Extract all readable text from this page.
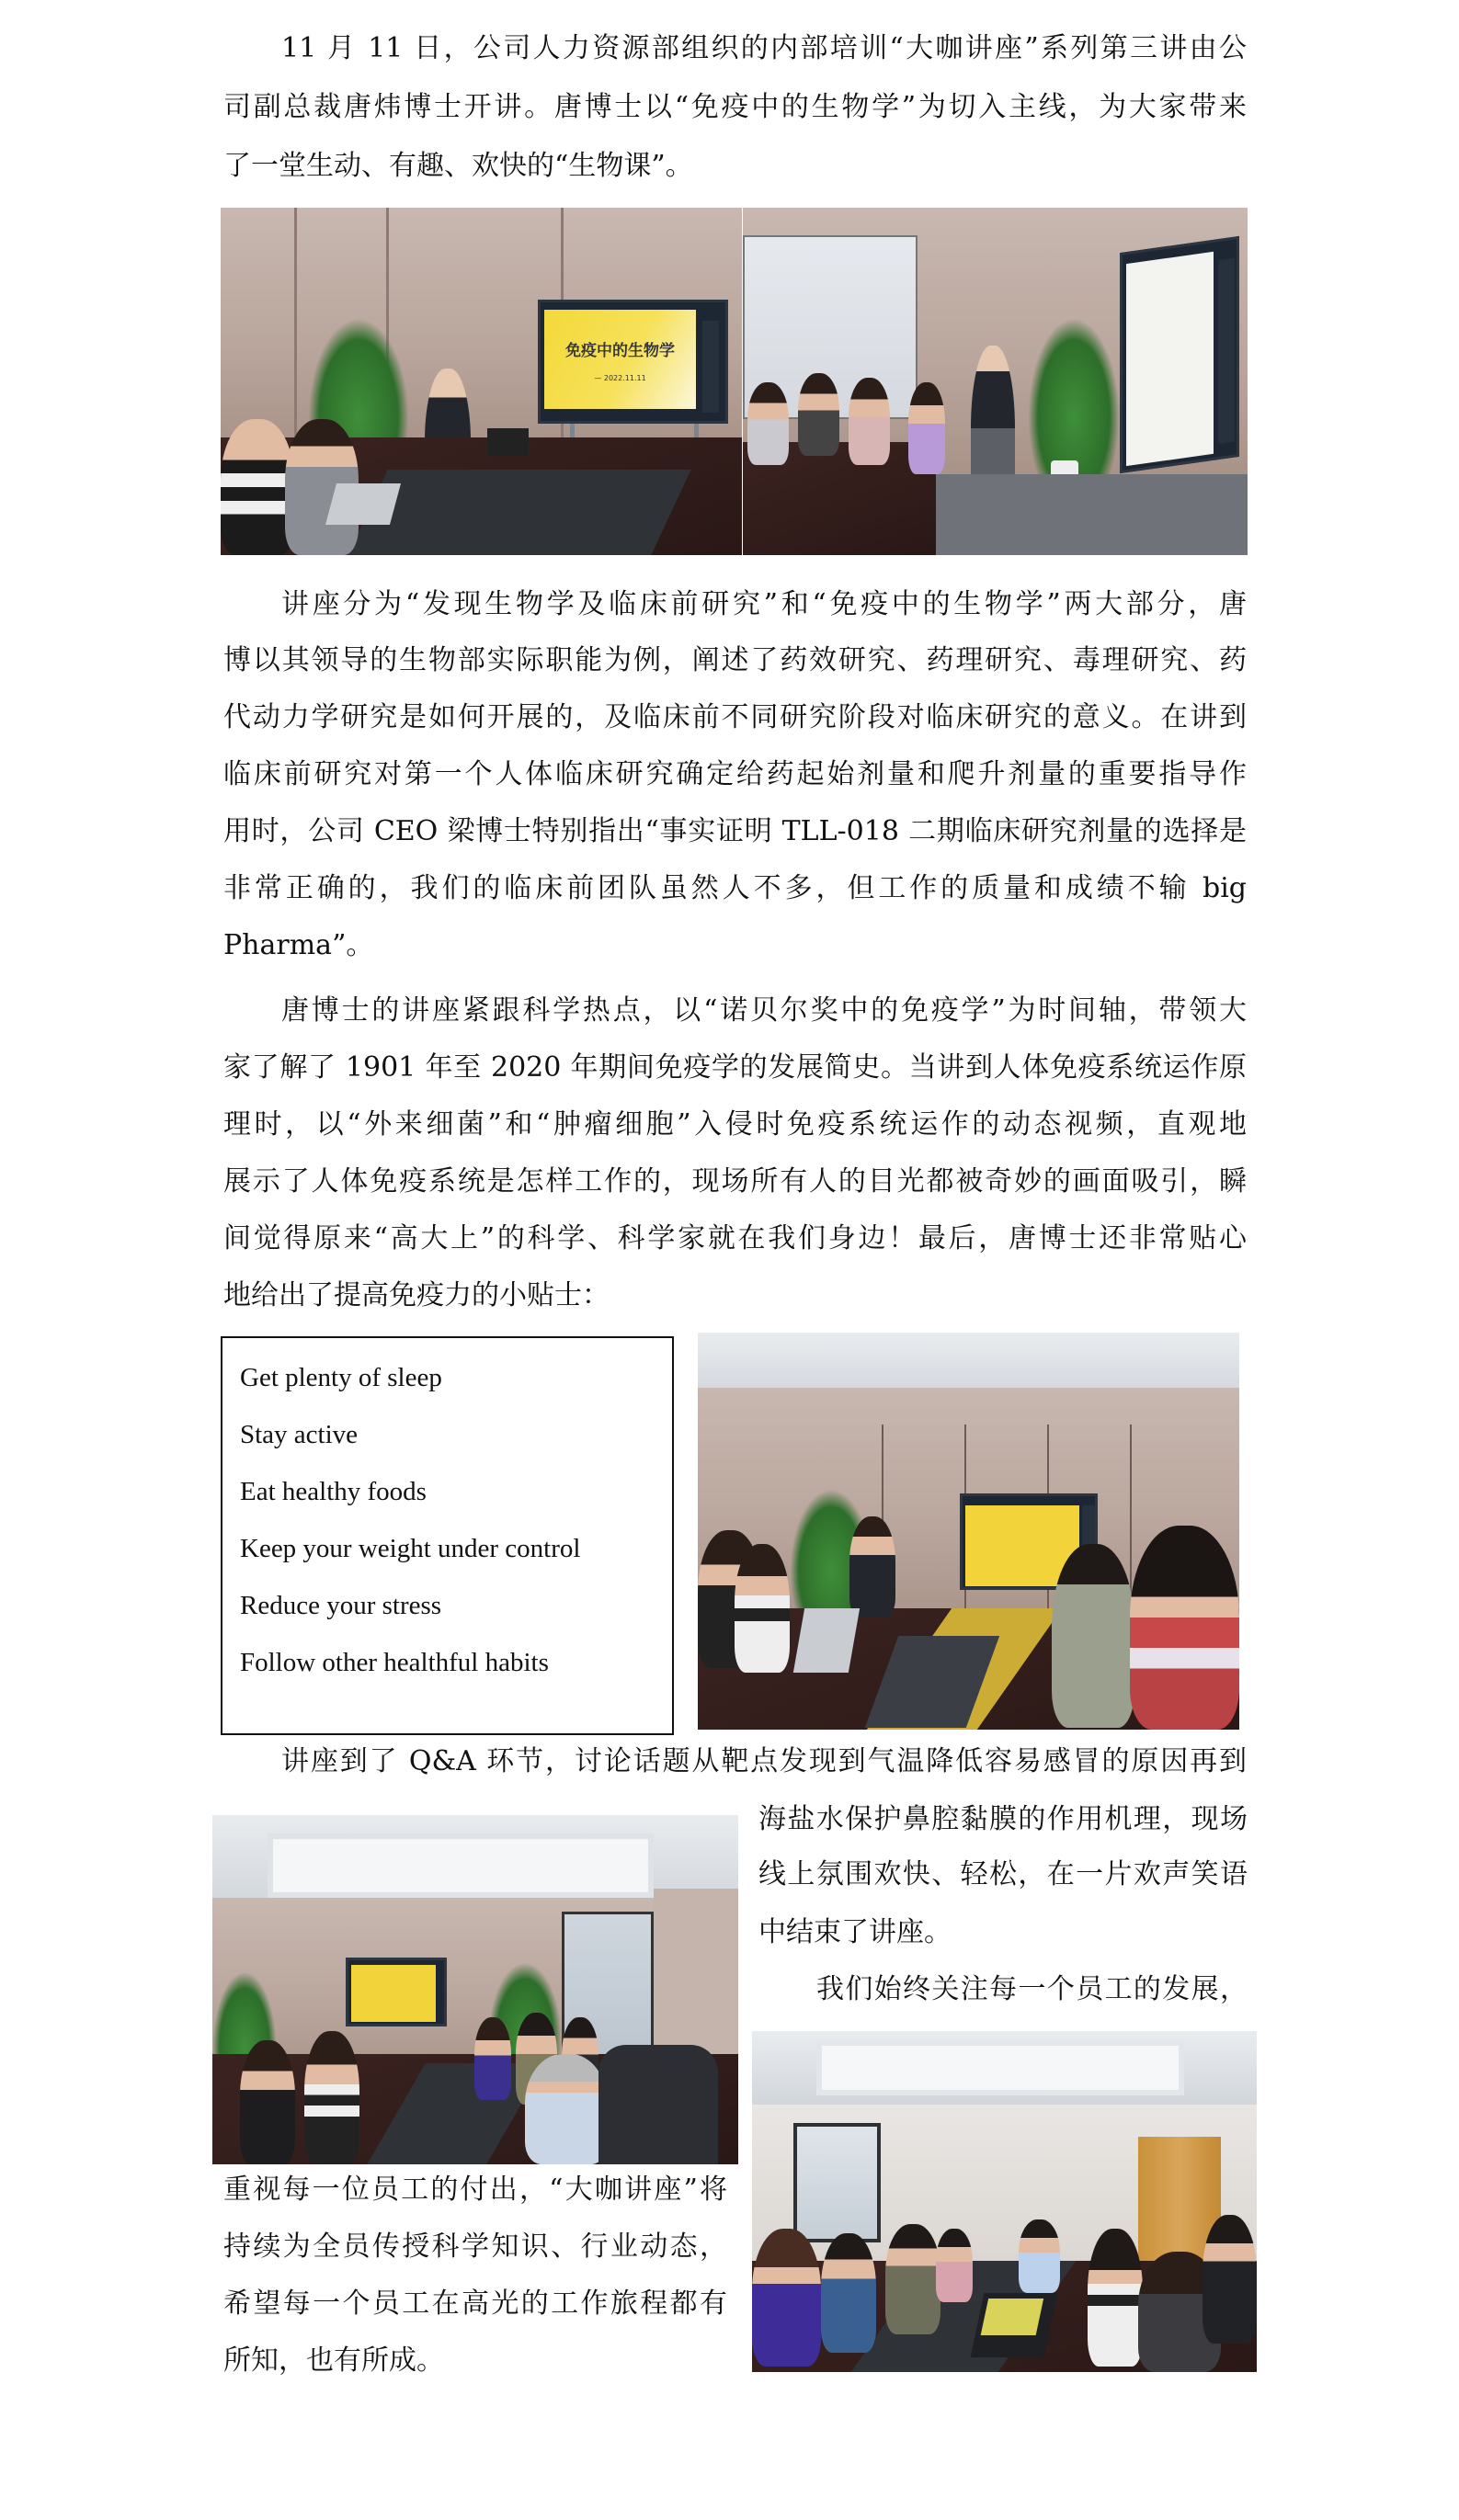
11 月 11 日，公司人力资源部组织的内部培训“大咖讲座”系列第三讲由公
司副总裁唐炜博士开讲。唐博士以“免疫中的生物学”为切入主线，为大家带来
了一堂生动、有趣、欢快的“生物课”。
免疫中的生物学
— 2022.11.11
讲座分为“发现生物学及临床前研究”和“免疫中的生物学”两大部分，唐
博以其领导的生物部实际职能为例，阐述了药效研究、药理研究、毒理研究、药
代动力学研究是如何开展的，及临床前不同研究阶段对临床研究的意义。在讲到
临床前研究对第一个人体临床研究确定给药起始剂量和爬升剂量的重要指导作
用时，公司 CEO 梁博士特别指出“事实证明 TLL-018 二期临床研究剂量的选择是
非常正确的，我们的临床前团队虽然人不多，但工作的质量和成绩不输 big
Pharma”。
唐博士的讲座紧跟科学热点，以“诺贝尔奖中的免疫学”为时间轴，带领大
家了解了 1901 年至 2020 年期间免疫学的发展简史。当讲到人体免疫系统运作原
理时，以“外来细菌”和“肿瘤细胞”入侵时免疫系统运作的动态视频，直观地
展示了人体免疫系统是怎样工作的，现场所有人的目光都被奇妙的画面吸引，瞬
间觉得原来“高大上”的科学、科学家就在我们身边！最后，唐博士还非常贴心
地给出了提高免疫力的小贴士：
Get plenty of sleep
Stay active
Eat healthy foods
Keep your weight under control
Reduce your stress
Follow other healthful habits
讲座到了 Q&A 环节，讨论话题从靶点发现到气温降低容易感冒的原因再到
海盐水保护鼻腔黏膜的作用机理，现场
线上氛围欢快、轻松，在一片欢声笑语
中结束了讲座。
我们始终关注每一个员工的发展，
重视每一位员工的付出，“大咖讲座”将
持续为全员传授科学知识、行业动态，
希望每一个员工在高光的工作旅程都有
所知，也有所成。
